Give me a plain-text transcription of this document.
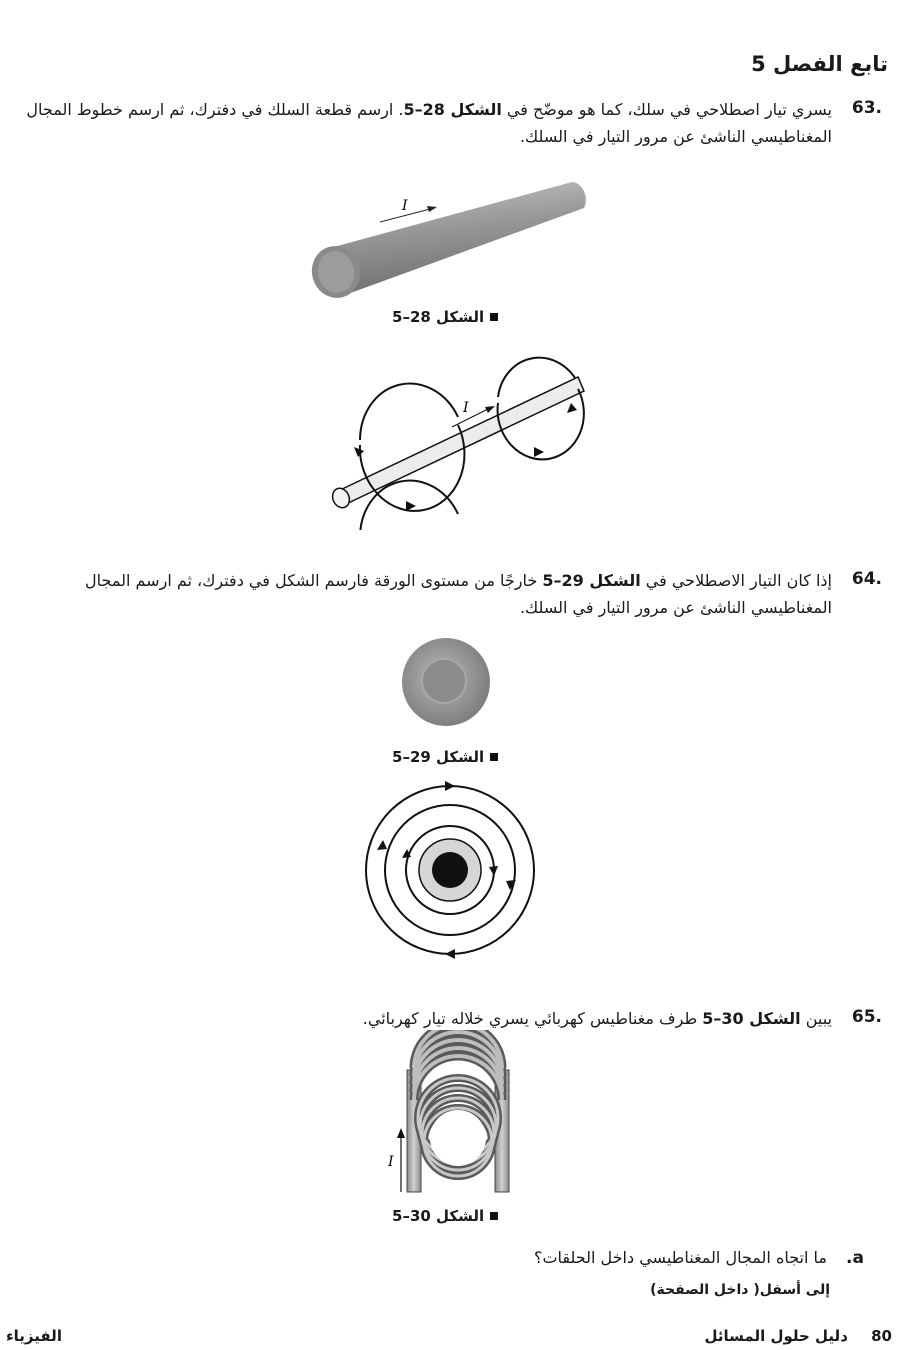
تابع الفصل 5
.63
يسري تيار اصطلاحي في سلك، كما هو موضّح في الشكل 28–5. ارسم قطعة السلك في دفترك، ثم ارسم خطوط المجال المغناطيسي الناشئ عن مرور التيار في السلك.
I
الشكل 28–5
I
.64
إذا كان التيار الاصطلاحي في الشكل 29–5 خارجًا من مستوى الورقة فارسم الشكل في دفترك، ثم ارسم المجال المغناطيسي الناشئ عن مرور التيار في السلك.
الشكل 29–5
.65
يبين الشكل 30–5 طرف مغناطيس كهربائي يسري خلاله تيار كهربائي.
I
الشكل 30–5
a. ما اتجاه المجال المغناطيسي داخل الحلقات؟
إلى أسفل( داخل الصفحة)
الفيزياء	80 دليل حلول المسائل
